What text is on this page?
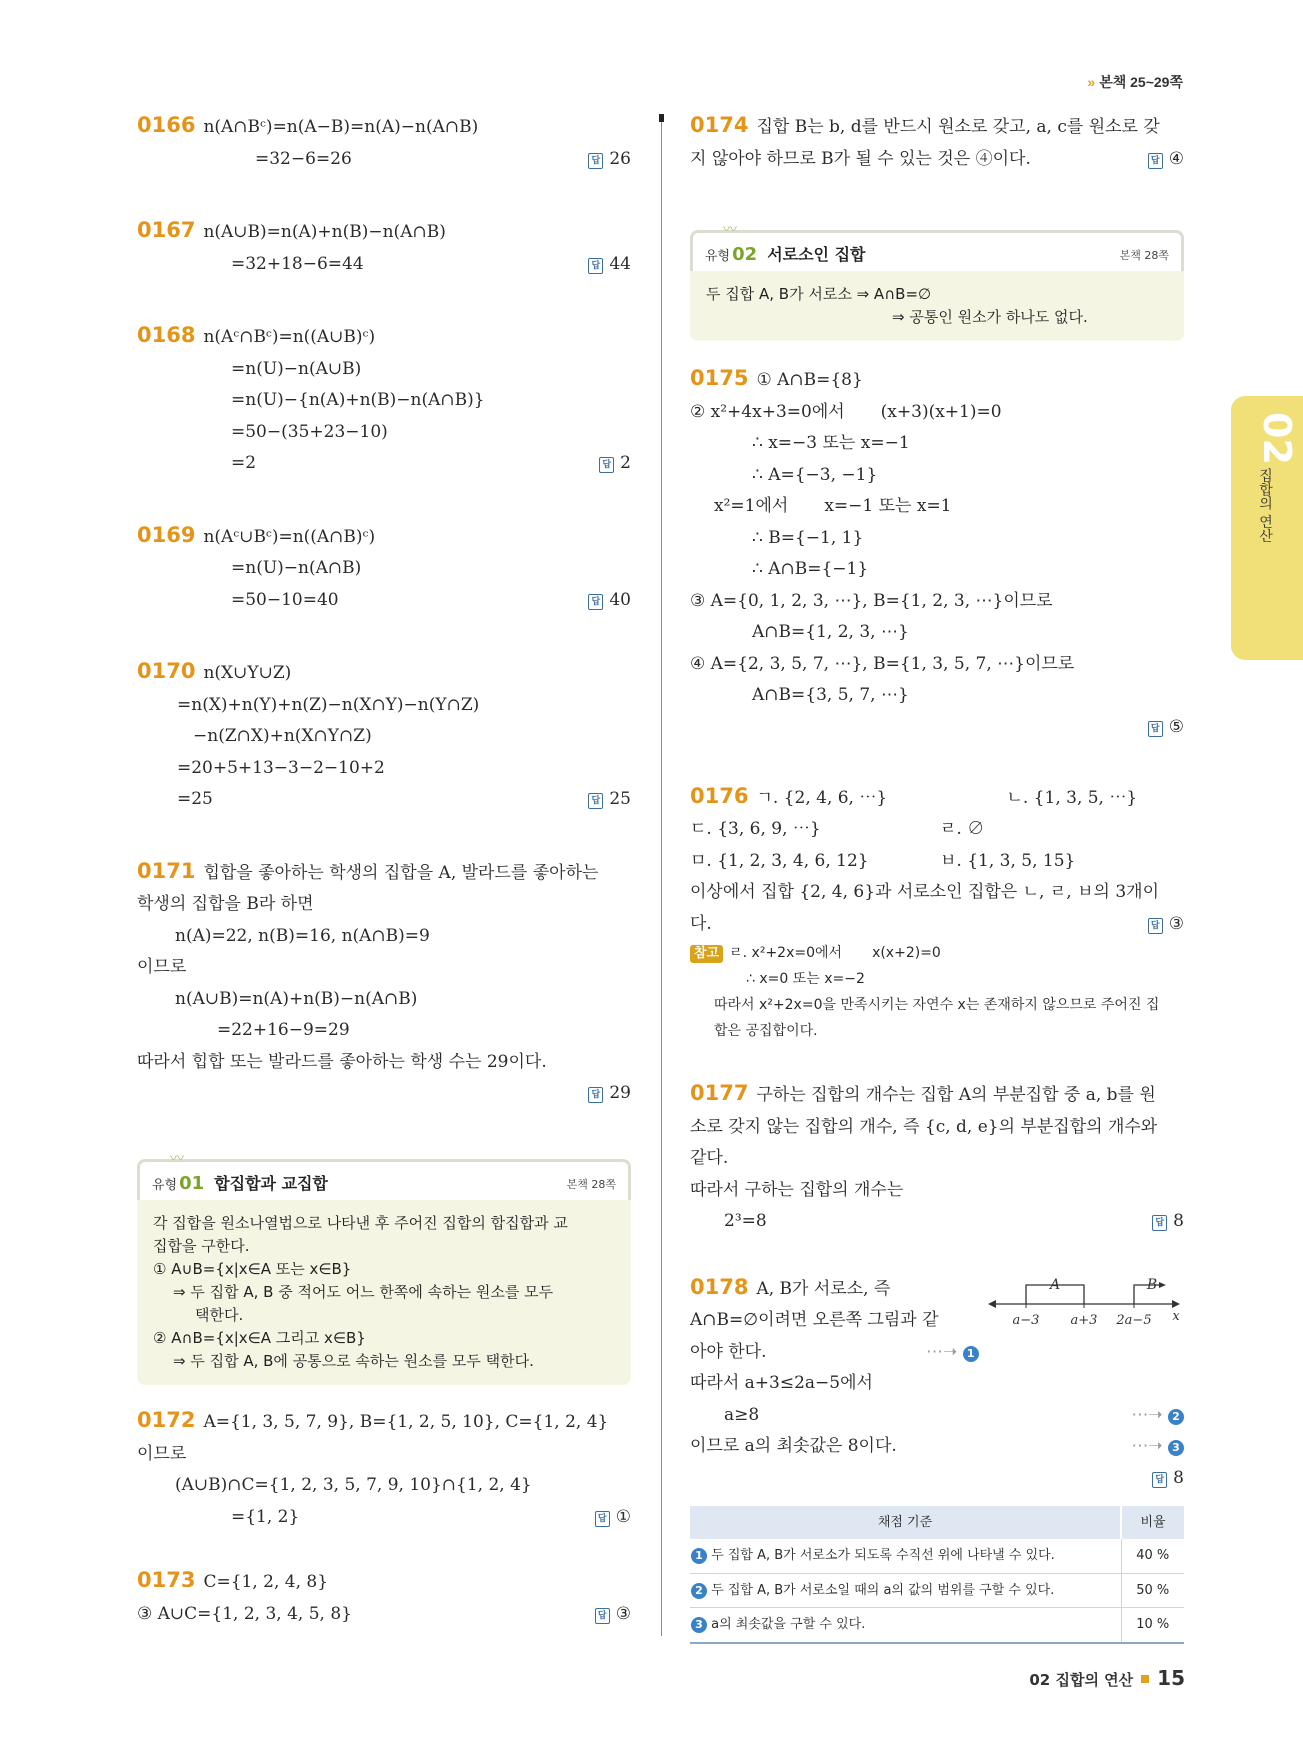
» 본책 25~29쪽
02
집합의 연산
0166 n(A∩Bᶜ)=n(A−B)=n(A)−n(A∩B)
=32−6=26	답 26
0167 n(A∪B)=n(A)+n(B)−n(A∩B)
=32+18−6=44	답 44
0168 n(Aᶜ∩Bᶜ)=n((A∪B)ᶜ)
=n(U)−n(A∪B)
=n(U)−{n(A)+n(B)−n(A∩B)}
=50−(35+23−10)
=2	답 2
0169 n(Aᶜ∪Bᶜ)=n((A∩B)ᶜ)
=n(U)−n(A∩B)
=50−10=40	답 40
0170 n(X∪Y∪Z)
=n(X)+n(Y)+n(Z)−n(X∩Y)−n(Y∩Z)
−n(Z∩X)+n(X∩Y∩Z)
=20+5+13−3−2−10+2
=25	답 25
0171 힙합을 좋아하는 학생의 집합을 A, 발라드를 좋아하는
학생의 집합을 B라 하면
n(A)=22, n(B)=16, n(A∩B)=9
이므로
n(A∪B)=n(A)+n(B)−n(A∩B)
=22+16−9=29
따라서 힙합 또는 발라드를 좋아하는 학생 수는 29이다.
답 29
〰
유형 01 합집합과 교집합	본책 28쪽
각 집합을 원소나열법으로 나타낸 후 주어진 집합의 합집합과 교
집합을 구한다.
① A∪B={x|x∈A 또는 x∈B}
⇒ 두 집합 A, B 중 적어도 어느 한쪽에 속하는 원소를 모두
택한다.
② A∩B={x|x∈A 그리고 x∈B}
⇒ 두 집합 A, B에 공통으로 속하는 원소를 모두 택한다.
0172 A={1, 3, 5, 7, 9}, B={1, 2, 5, 10}, C={1, 2, 4}
이므로
(A∪B)∩C={1, 2, 3, 5, 7, 9, 10}∩{1, 2, 4}
={1, 2}	답 ①
0173 C={1, 2, 4, 8}
③ A∪C={1, 2, 3, 4, 5, 8}	답 ③
0174 집합 B는 b, d를 반드시 원소로 갖고, a, c를 원소로 갖
지 않아야 하므로 B가 될 수 있는 것은 ④이다.	답 ④
〰
유형 02 서로소인 집합	본책 28쪽
두 집합 A, B가 서로소 ⇒ A∩B=∅
⇒ 공통인 원소가 하나도 없다.
0175 ① A∩B={8}
② x²+4x+3=0에서 (x+3)(x+1)=0
∴ x=−3 또는 x=−1
∴ A={−3, −1}
x²=1에서 x=−1 또는 x=1
∴ B={−1, 1}
∴ A∩B={−1}
③ A={0, 1, 2, 3, ⋯}, B={1, 2, 3, ⋯}이므로
A∩B={1, 2, 3, ⋯}
④ A={2, 3, 5, 7, ⋯}, B={1, 3, 5, 7, ⋯}이므로
A∩B={3, 5, 7, ⋯}
답 ⑤
0176 ㄱ. {2, 4, 6, ⋯}	ㄴ. {1, 3, 5, ⋯}
ㄷ. {3, 6, 9, ⋯}	ㄹ. ∅
ㅁ. {1, 2, 3, 4, 6, 12}	ㅂ. {1, 3, 5, 15}
이상에서 집합 {2, 4, 6}과 서로소인 집합은 ㄴ, ㄹ, ㅂ의 3개이
다.	답 ③
참고 ㄹ. x²+2x=0에서 x(x+2)=0
∴ x=0 또는 x=−2
따라서 x²+2x=0을 만족시키는 자연수 x는 존재하지 않으므로 주어진 집
합은 공집합이다.
0177 구하는 집합의 개수는 집합 A의 부분집합 중 a, b를 원
소로 갖지 않는 집합의 개수, 즉 {c, d, e}의 부분집합의 개수와
같다.
따라서 구하는 집합의 개수는
2³=8	답 8
A	B
a−3 a+3 2a−5 x
0178 A, B가 서로소, 즉
A∩B=∅이려면 오른쪽 그림과 같
아야 한다.	⋯➝ 1
따라서 a+3≤2a−5에서
a≥8	⋯➝ 2
이므로 a의 최솟값은 8이다.	⋯➝ 3
답 8
채점 기준	비율
1 두 집합 A, B가 서로소가 되도록 수직선 위에 나타낼 수 있다.	40 %
2 두 집합 A, B가 서로소일 때의 a의 값의 범위를 구할 수 있다.	50 %
3 a의 최솟값을 구할 수 있다.	10 %
02 집합의 연산 15
